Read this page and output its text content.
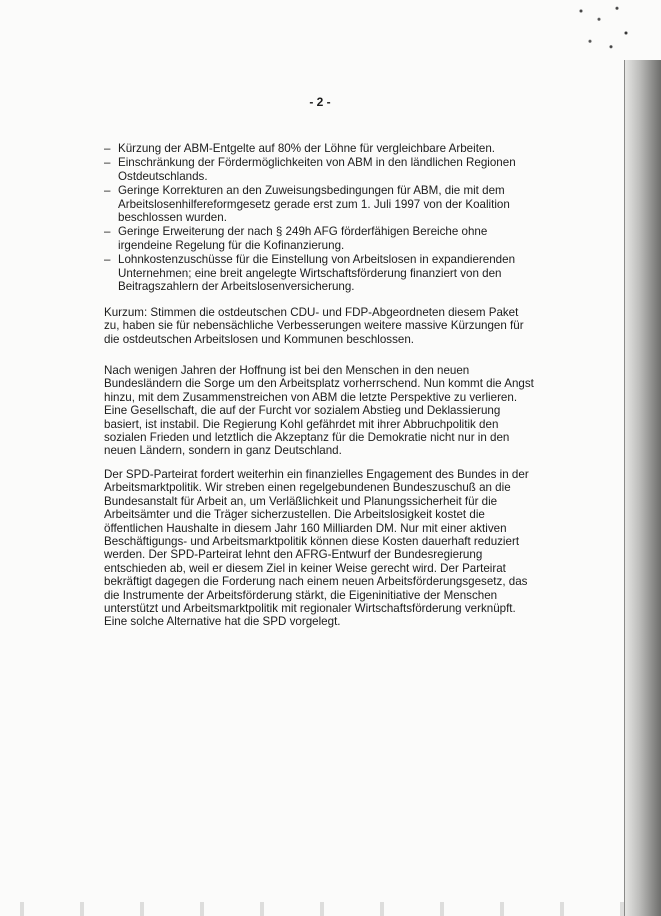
- 2 -
– Kürzung der ABM-Entgelte auf 80% der Löhne für vergleichbare Arbeiten.
– Einschränkung der Fördermöglichkeiten von ABM in den ländlichen Regionen Ostdeutschlands.
– Geringe Korrekturen an den Zuweisungsbedingungen für ABM, die mit dem Arbeitslosenhilfereformgesetz gerade erst zum 1. Juli 1997 von der Koalition beschlossen wurden.
– Geringe Erweiterung der nach § 249h AFG förderfähigen Bereiche ohne irgendeine Regelung für die Kofinanzierung.
– Lohnkostenzuschüsse für die Einstellung von Arbeitslosen in expandierenden Unternehmen; eine breit angelegte Wirtschaftsförderung finanziert von den Beitragszahlern der Arbeitslosenversicherung.

Kurzum: Stimmen die ostdeutschen CDU- und FDP-Abgeordneten diesem Paket zu, haben sie für nebensächliche Verbesserungen weitere massive Kürzungen für die ostdeutschen Arbeitslosen und Kommunen beschlossen.

Nach wenigen Jahren der Hoffnung ist bei den Menschen in den neuen Bundesländern die Sorge um den Arbeitsplatz vorherrschend. Nun kommt die Angst hinzu, mit dem Zusammenstreichen von ABM die letzte Perspektive zu verlieren. Eine Gesellschaft, die auf der Furcht vor sozialem Abstieg und Deklassierung basiert, ist instabil. Die Regierung Kohl gefährdet mit ihrer Abbruchpolitik den sozialen Frieden und letztlich die Akzeptanz für die Demokratie nicht nur in den neuen Ländern, sondern in ganz Deutschland.

Der SPD-Parteirat fordert weiterhin ein finanzielles Engagement des Bundes in der Arbeitsmarktpolitik. Wir streben einen regelgebundenen Bundeszuschuß an die Bundesanstalt für Arbeit an, um Verläßlichkeit und Planungssicherheit für die Arbeitsämter und die Träger sicherzustellen. Die Arbeitslosigkeit kostet die öffentlichen Haushalte in diesem Jahr 160 Milliarden DM. Nur mit einer aktiven Beschäftigungs- und Arbeitsmarktpolitik können diese Kosten dauerhaft reduziert werden. Der SPD-Parteirat lehnt den AFRG-Entwurf der Bundesregierung entschieden ab, weil er diesem Ziel in keiner Weise gerecht wird. Der Parteirat bekräftigt dagegen die Forderung nach einem neuen Arbeitsförderungsgesetz, das die Instrumente der Arbeitsförderung stärkt, die Eigeninitiative der Menschen unterstützt und Arbeitsmarktpolitik mit regionaler Wirtschaftsförderung verknüpft. Eine solche Alternative hat die SPD vorgelegt.
